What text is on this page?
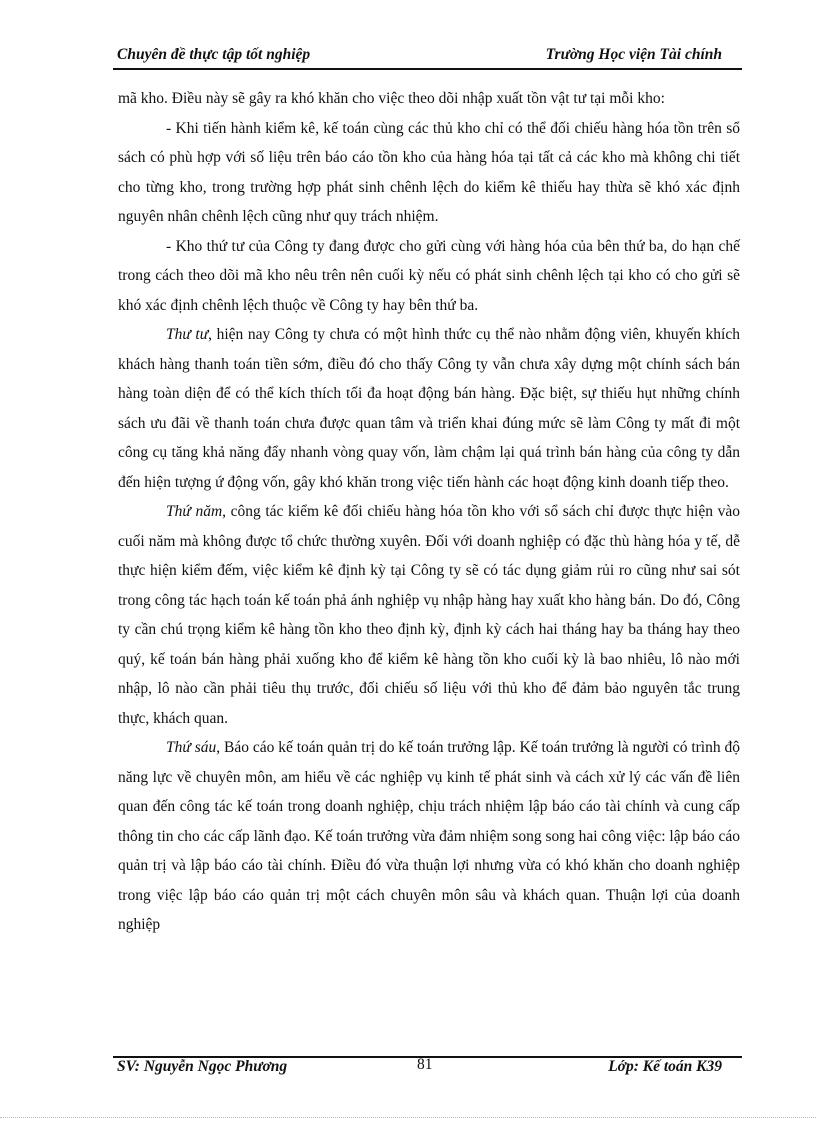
Chuyên đề thực tập tốt nghiệp	Trường Học viện Tài chính

mã kho. Điều này sẽ gây ra khó khăn cho việc theo dõi nhập xuất tồn vật tư tại mỗi kho:

- Khi tiến hành kiểm kê, kế toán cùng các thủ kho chỉ có thể đối chiếu hàng hóa tồn trên sổ sách có phù hợp với số liệu trên báo cáo tồn kho của hàng hóa tại tất cả các kho mà không chi tiết cho từng kho, trong trường hợp phát sinh chênh lệch do kiểm kê thiếu hay thừa sẽ khó xác định nguyên nhân chênh lệch cũng như quy trách nhiệm.

- Kho thứ tư của Công ty đang được cho gửi cùng với hàng hóa của bên thứ ba, do hạn chế trong cách theo dõi mã kho nêu trên nên cuối kỳ nếu có phát sinh chênh lệch tại kho có cho gửi sẽ khó xác định chênh lệch thuộc về Công ty hay bên thứ ba.

Thư tư, hiện nay Công ty chưa có một hình thức cụ thể nào nhằm động viên, khuyến khích khách hàng thanh toán tiền sớm, điều đó cho thấy Công ty vẫn chưa xây dựng một chính sách bán hàng toàn diện để có thể kích thích tối đa hoạt động bán hàng. Đặc biệt, sự thiếu hụt những chính sách ưu đãi về thanh toán chưa được quan tâm và triển khai đúng mức sẽ làm Công ty mất đi một công cụ tăng khả năng đẩy nhanh vòng quay vốn, làm chậm lại quá trình bán hàng của công ty dẫn đến hiện tượng ứ động vốn, gây khó khăn trong việc tiến hành các hoạt động kinh doanh tiếp theo.

Thứ năm, công tác kiểm kê đối chiếu hàng hóa tồn kho với sổ sách chỉ được thực hiện vào cuối năm mà không được tổ chức thường xuyên. Đối với doanh nghiệp có đặc thù hàng hóa y tế, dễ thực hiện kiểm đếm, việc kiểm kê định kỳ tại Công ty sẽ có tác dụng giảm rủi ro cũng như sai sót trong công tác hạch toán kế toán phả ánh nghiệp vụ nhập hàng hay xuất kho hàng bán. Do đó, Công ty cần chú trọng kiểm kê hàng tồn kho theo định kỳ, định kỳ cách hai tháng hay ba tháng hay theo quý, kế toán bán hàng phải xuống kho để kiểm kê hàng tồn kho cuối kỳ là bao nhiêu, lô nào mới nhập, lô nào cần phải tiêu thụ trước, đối chiếu số liệu với thủ kho để đảm bảo nguyên tắc trung thực, khách quan.

Thứ sáu, Báo cáo kế toán quản trị do kế toán trưởng lập. Kế toán trưởng là người có trình độ năng lực về chuyên môn, am hiểu về các nghiệp vụ kinh tế phát sinh và cách xử lý các vấn đề liên quan đến công tác kế toán trong doanh nghiệp, chịu trách nhiệm lập báo cáo tài chính và cung cấp thông tin cho các cấp lãnh đạo. Kế toán trưởng vừa đảm nhiệm song song hai công việc: lập báo cáo quản trị và lập báo cáo tài chính. Điều đó vừa thuận lợi nhưng vừa có khó khăn cho doanh nghiệp trong việc lập báo cáo quản trị một cách chuyên môn sâu và khách quan. Thuận lợi của doanh nghiệp

SV: Nguyễn Ngọc Phương	81	Lớp: Kế toán K39
